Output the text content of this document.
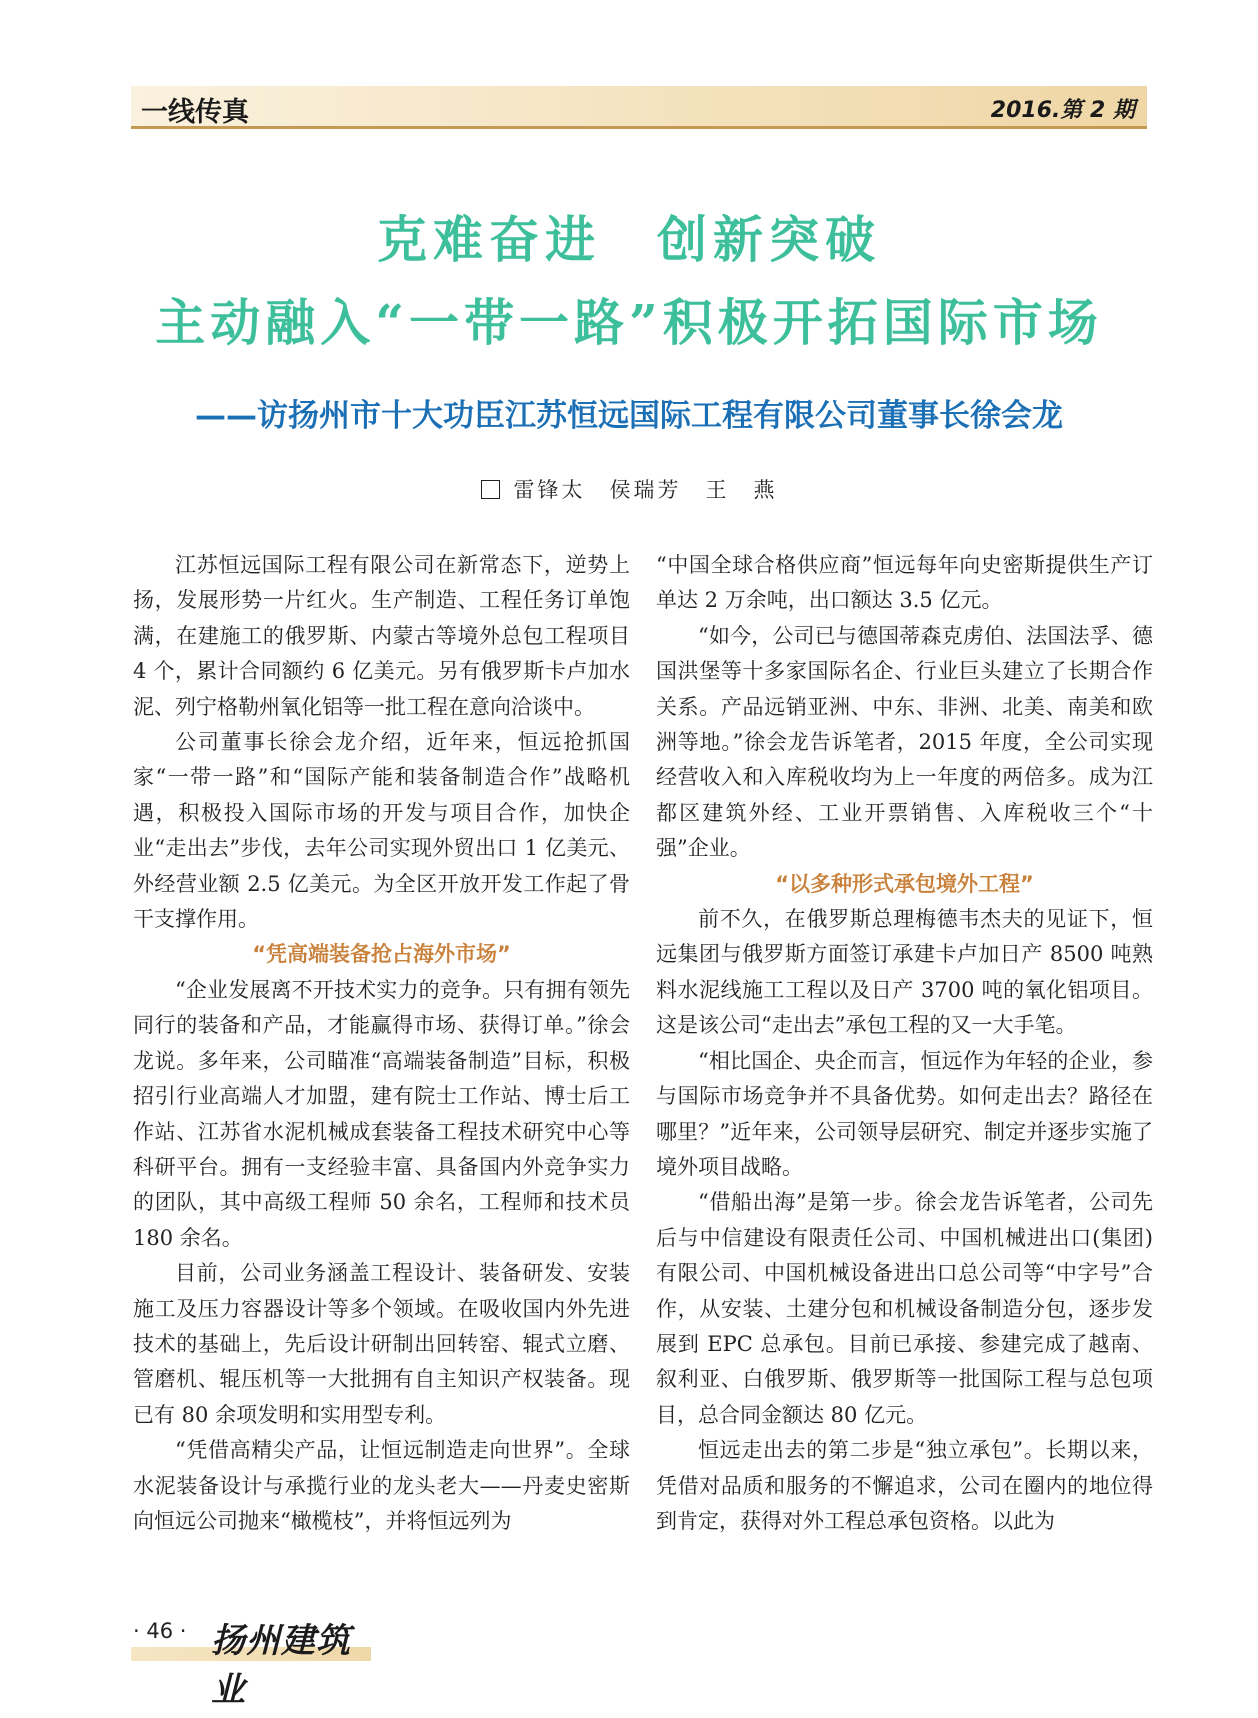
一线传真	2016.第 2 期
克难奋进 创新突破
主动融入“一带一路”积极开拓国际市场
——访扬州市十大功臣江苏恒远国际工程有限公司董事长徐会龙
雷锋太　侯瑞芳　王　燕

江苏恒远国际工程有限公司在新常态下，逆势上扬，发展形势一片红火。生产制造、工程任务订单饱满，在建施工的俄罗斯、内蒙古等境外总包工程项目 4 个，累计合同额约 6 亿美元。另有俄罗斯卡卢加水泥、列宁格勒州氧化铝等一批工程在意向洽谈中。

公司董事长徐会龙介绍，近年来，恒远抢抓国家“一带一路”和“国际产能和装备制造合作”战略机遇，积极投入国际市场的开发与项目合作，加快企业“走出去”步伐，去年公司实现外贸出口 1 亿美元、外经营业额 2.5 亿美元。为全区开放开发工作起了骨干支撑作用。

“凭高端装备抢占海外市场”

“企业发展离不开技术实力的竞争。只有拥有领先同行的装备和产品，才能赢得市场、获得订单。”徐会龙说。多年来，公司瞄准“高端装备制造”目标，积极招引行业高端人才加盟，建有院士工作站、博士后工作站、江苏省水泥机械成套装备工程技术研究中心等科研平台。拥有一支经验丰富、具备国内外竞争实力的团队，其中高级工程师 50 余名，工程师和技术员 180 余名。

目前，公司业务涵盖工程设计、装备研发、安装施工及压力容器设计等多个领域。在吸收国内外先进技术的基础上，先后设计研制出回转窑、辊式立磨、管磨机、辊压机等一大批拥有自主知识产权装备。现已有 80 余项发明和实用型专利。

“凭借高精尖产品，让恒远制造走向世界”。全球水泥装备设计与承揽行业的龙头老大——丹麦史密斯向恒远公司抛来“橄榄枝”，并将恒远列为

“中国全球合格供应商”恒远每年向史密斯提供生产订单达 2 万余吨，出口额达 3.5 亿元。

“如今，公司已与德国蒂森克虏伯、法国法孚、德国洪堡等十多家国际名企、行业巨头建立了长期合作关系。产品远销亚洲、中东、非洲、北美、南美和欧洲等地。”徐会龙告诉笔者，2015 年度，全公司实现经营收入和入库税收均为上一年度的两倍多。成为江都区建筑外经、工业开票销售、入库税收三个“十强”企业。

“以多种形式承包境外工程”

前不久，在俄罗斯总理梅德韦杰夫的见证下，恒远集团与俄罗斯方面签订承建卡卢加日产 8500 吨熟料水泥线施工工程以及日产 3700 吨的氧化铝项目。这是该公司“走出去”承包工程的又一大手笔。

“相比国企、央企而言，恒远作为年轻的企业，参与国际市场竞争并不具备优势。如何走出去？路径在哪里？”近年来，公司领导层研究、制定并逐步实施了境外项目战略。

“借船出海”是第一步。徐会龙告诉笔者，公司先后与中信建设有限责任公司、中国机械进出口(集团)有限公司、中国机械设备进出口总公司等“中字号”合作，从安装、土建分包和机械设备制造分包，逐步发展到 EPC 总承包。目前已承接、参建完成了越南、叙利亚、白俄罗斯、俄罗斯等一批国际工程与总包项目，总合同金额达 80 亿元。

恒远走出去的第二步是“独立承包”。长期以来，凭借对品质和服务的不懈追求，公司在圈内的地位得到肯定，获得对外工程总承包资格。以此为

· 46 · 扬州建筑业
